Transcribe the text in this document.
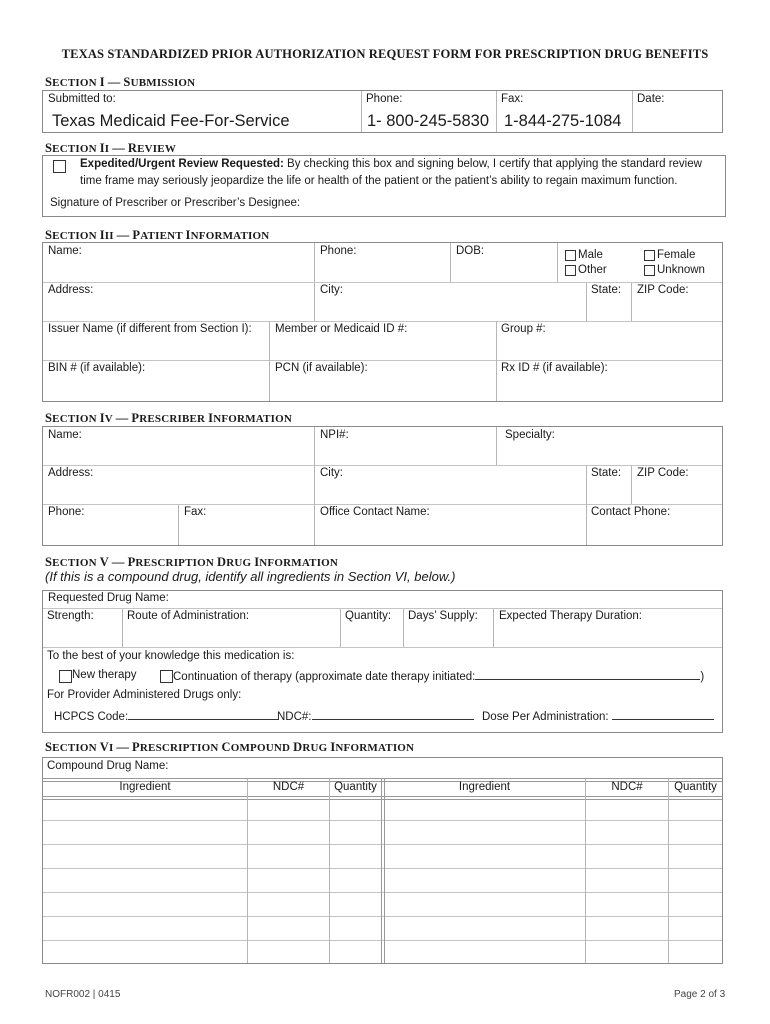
TEXAS STANDARDIZED PRIOR AUTHORIZATION REQUEST FORM FOR PRESCRIPTION DRUG BENEFITS
SECTION I — SUBMISSION
Submitted to:
Texas Medicaid Fee-For-Service
Phone:
1- 800-245-5830
Fax:
1-844-275-1084
Date:
SECTION II — REVIEW
Expedited/Urgent Review Requested: By checking this box and signing below, I certify that applying the standard review
time frame may seriously jeopardize the life or health of the patient or the patient’s ability to regain maximum function.
Signature of Prescriber or Prescriber’s Designee:
SECTION III — PATIENT INFORMATION
Name:	Phone:	DOB:	Male	Female
Other	Unknown
Address:	City:	State: ZIP Code:
Issuer Name (if different from Section I): Member or Medicaid ID #:	Group #:
BIN # (if available):	PCN (if available):	Rx ID # (if available):
SECTION IV — PRESCRIBER INFORMATION
Name:	NPI#:	Specialty:
Address:	City:	State: ZIP Code:
Phone:	Fax:	Office Contact Name:	Contact Phone:
SECTION V — PRESCRIPTION DRUG INFORMATION
(If this is a compound drug, identify all ingredients in Section VI, below.)
Requested Drug Name:
Strength:	Route of Administration:	Quantity: Days’ Supply: Expected Therapy Duration:
To the best of your knowledge this medication is:
New therapy	Continuation of therapy (approximate date therapy initiated:	)
For Provider Administered Drugs only:
HCPCS Code:	NDC#:	Dose Per Administration:
SECTION VI — PRESCRIPTION COMPOUND DRUG INFORMATION
Compound Drug Name:
Ingredient	NDC#	Quantity	Ingredient	NDC#	Quantity
NOFR002 | 0415	Page 2 of 3
